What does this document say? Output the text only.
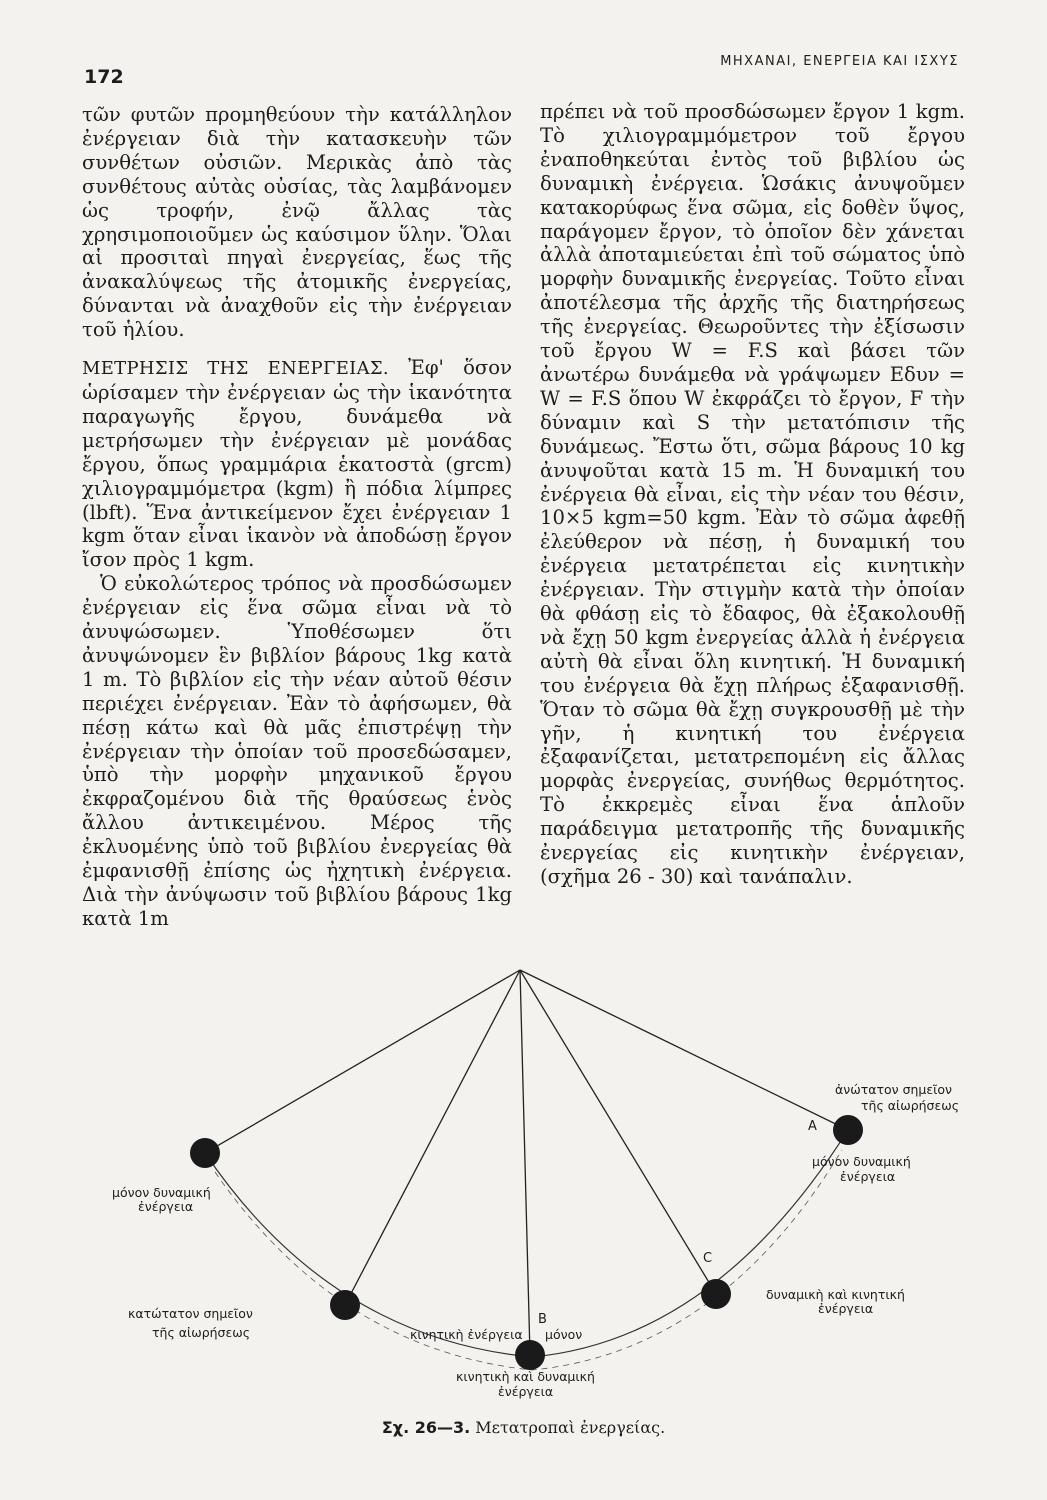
172
ΜΗΧΑΝΑΙ, ΕΝΕΡΓΕΙΑ ΚΑΙ ΙΣΧΥΣ

τῶν φυτῶν προμηθεύουν τὴν κατάλληλον ἐνέργειαν διὰ τὴν κατασκευὴν τῶν συνθέτων οὐσιῶν. Μερικὰς ἀπὸ τὰς συνθέτους αὐτὰς οὐσίας, τὰς λαμβάνομεν ὡς τροφήν, ἐνῷ ἄλλας τὰς χρησιμοποιοῦμεν ὡς καύσιμον ὕλην. Ὅλαι αἱ προσιταὶ πηγαὶ ἐνεργείας, ἕως τῆς ἀνακαλύψεως τῆς ἀτομικῆς ἐνεργείας, δύνανται νὰ ἀναχθοῦν εἰς τὴν ἐνέργειαν τοῦ ἡλίου.

ΜΕΤΡΗΣΙΣ ΤΗΣ ΕΝΕΡΓΕΙΑΣ. Ἐφ' ὅσον ὡρίσαμεν τὴν ἐνέργειαν ὡς τὴν ἱκανότητα παραγωγῆς ἔργου, δυνάμεθα νὰ μετρήσωμεν τὴν ἐνέργειαν μὲ μονάδας ἔργου, ὅπως γραμμάρια ἑκατοστὰ (grcm) χιλιογραμμόμετρα (kgm) ἢ πόδια λίμπρες (lbft). Ἕνα ἀντικείμενον ἔχει ἐνέργειαν 1 kgm ὅταν εἶναι ἱκανὸν νὰ ἀποδώσῃ ἔργον ἴσον πρὸς 1 kgm.

Ὁ εὐκολώτερος τρόπος νὰ προσδώσωμεν ἐνέργειαν εἰς ἕνα σῶμα εἶναι νὰ τὸ ἀνυψώσωμεν. Ὑποθέσωμεν ὅτι ἀνυψώνομεν ἓν βιβλίον βάρους 1kg κατὰ 1 m. Τὸ βιβλίον εἰς τὴν νέαν αὐτοῦ θέσιν περιέχει ἐνέργειαν. Ἐὰν τὸ ἀφήσωμεν, θὰ πέσῃ κάτω καὶ θὰ μᾶς ἐπιστρέψῃ τὴν ἐνέργειαν τὴν ὁποίαν τοῦ προσεδώσαμεν, ὑπὸ τὴν μορφὴν μηχανικοῦ ἔργου ἐκφραζομένου διὰ τῆς θραύσεως ἑνὸς ἄλλου ἀντικειμένου. Μέρος τῆς ἐκλυομένης ὑπὸ τοῦ βιβλίου ἐνεργείας θὰ ἐμφανισθῇ ἐπίσης ὡς ἠχητικὴ ἐνέργεια. Διὰ τὴν ἀνύψωσιν τοῦ βιβλίου βάρους 1kg κατὰ 1m

πρέπει νὰ τοῦ προσδώσωμεν ἔργον 1 kgm. Τὸ χιλιογραμμόμετρον τοῦ ἔργου ἐναποθηκεύται ἐντὸς τοῦ βιβλίου ὡς δυναμικὴ ἐνέργεια. Ὡσάκις ἀνυψοῦμεν κατακορύφως ἕνα σῶμα, εἰς δοθὲν ὕψος, παράγομεν ἔργον, τὸ ὁποῖον δὲν χάνεται ἀλλὰ ἀποταμιεύεται ἐπὶ τοῦ σώματος ὑπὸ μορφὴν δυναμικῆς ἐνεργείας. Τοῦτο εἶναι ἀποτέλεσμα τῆς ἀρχῆς τῆς διατηρήσεως τῆς ἐνεργείας. Θεωροῦντες τὴν ἐξίσωσιν τοῦ ἔργου W = F.S καὶ βάσει τῶν ἀνωτέρω δυνάμεθα νὰ γράψωμεν Eδυν = W = F.S ὅπου W ἐκφράζει τὸ ἔργον, F τὴν δύναμιν καὶ S τὴν μετατόπισιν τῆς δυνάμεως. Ἔστω ὅτι, σῶμα βάρους 10 kg ἀνυψοῦται κατὰ 15 m. Ἡ δυναμική του ἐνέργεια θὰ εἶναι, εἰς τὴν νέαν του θέσιν, 10×5 kgm=50 kgm. Ἐὰν τὸ σῶμα ἀφεθῇ ἐλεύθερον νὰ πέσῃ, ἡ δυναμική του ἐνέργεια μετατρέπεται εἰς κινητικὴν ἐνέργειαν. Τὴν στιγμὴν κατὰ τὴν ὁποίαν θὰ φθάσῃ εἰς τὸ ἔδαφος, θὰ ἐξακολουθῇ νὰ ἔχῃ 50 kgm ἐνεργείας ἀλλὰ ἡ ἐνέργεια αὐτὴ θὰ εἶναι ὅλη κινητική. Ἡ δυναμική του ἐνέργεια θὰ ἔχῃ πλήρως ἐξαφανισθῇ. Ὅταν τὸ σῶμα θὰ ἔχῃ συγκρουσθῇ μὲ τὴν γῆν, ἡ κινητική του ἐνέργεια ἐξαφανίζεται, μετατρεπομένη εἰς ἄλλας μορφὰς ἐνεργείας, συνήθως θερμότητος. Τὸ ἐκκρεμὲς εἶναι ἕνα ἁπλοῦν παράδειγμα μετατροπῆς τῆς δυναμικῆς ἐνεργείας εἰς κινητικὴν ἐνέργειαν, (σχῆμα 26 - 30) καὶ τανάπαλιν.

A
B
C
μόνον δυναμική
ἐνέργεια
κατώτατον σημεῖον
τῆς αἰωρήσεως	κινητικὴ ἐνέργεια μόνον
κινητικὴ καὶ δυναμική
ἐνέργεια
ἀνώτατον σημεῖον
τῆς αἰωρήσεως
μόνον δυναμική
ἐνέργεια
δυναμικὴ καὶ κινητική
ἐνέργεια
Σχ. 26—3. Μετατροπαὶ ἐνεργείας.
